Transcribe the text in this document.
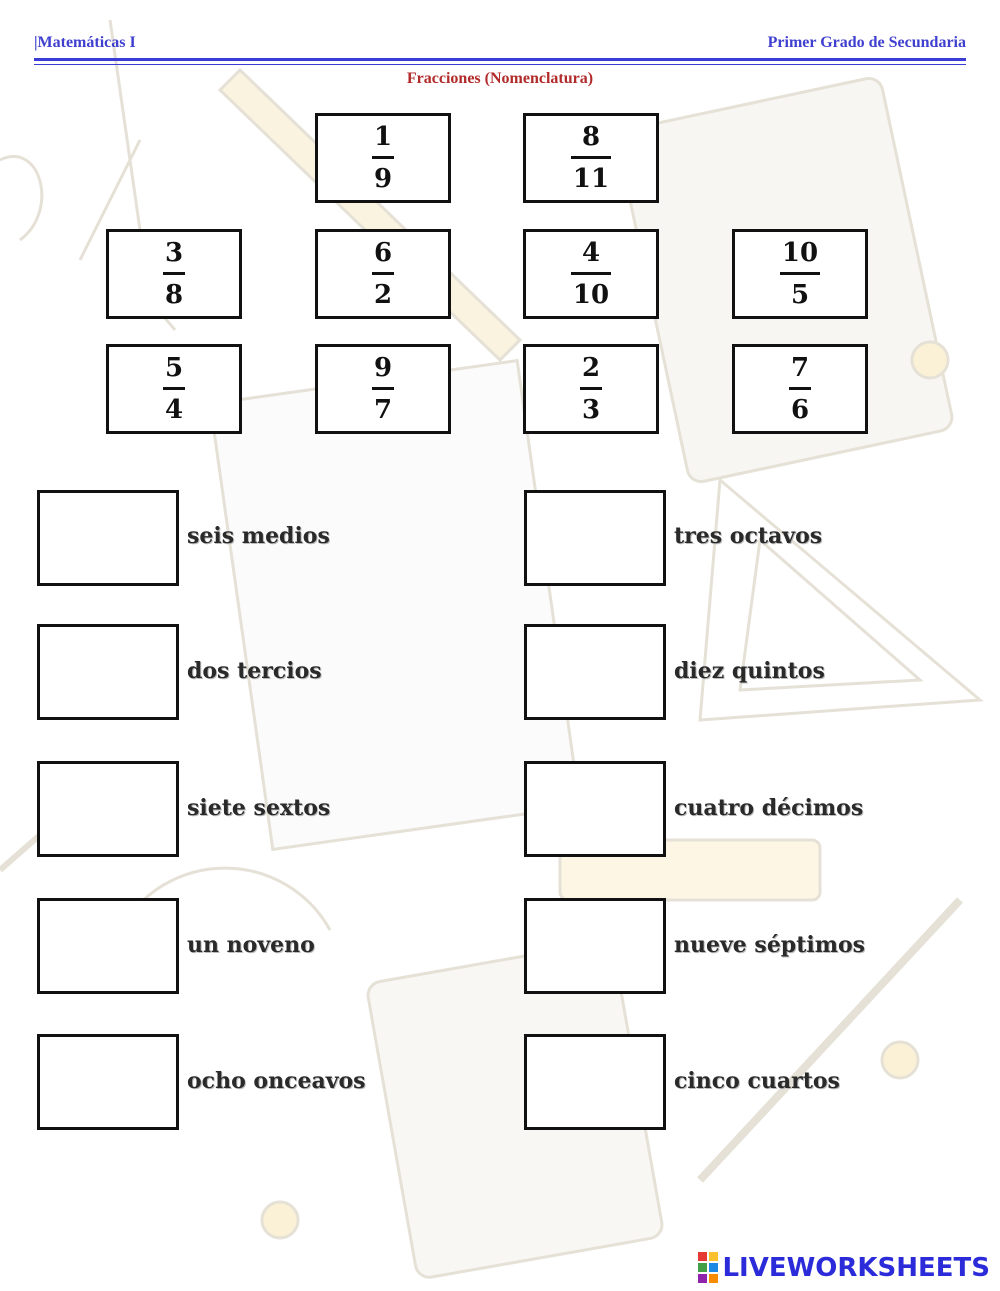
|Matemáticas I	Primer Grado de Secundaria
Fracciones (Nomenclatura)
1
9
8
11
3
8
6
2
4
10
10
5
5
4
9
7
2
3
7
6
seis medios	tres octavos
dos tercios	diez quintos
siete sextos	cuatro décimos
un noveno	nueve séptimos
ocho onceavos	cinco cuartos
LIVEWORKSHEETS
